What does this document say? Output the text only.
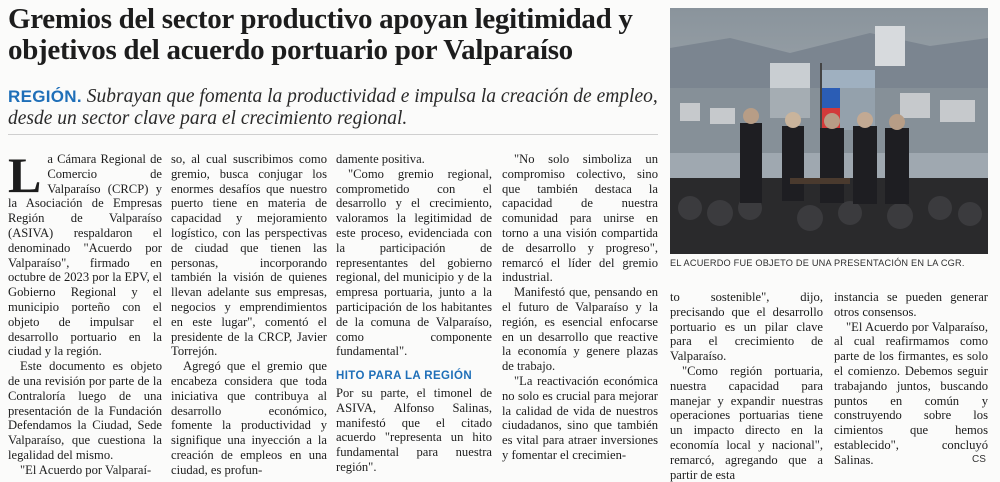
Gremios del sector productivo apoyan legitimidad y objetivos del acuerdo portuario por Valparaíso
REGIÓN. Subrayan que fomenta la productividad e impulsa la creación de empleo, desde un sector clave para el crecimiento regional.
EL ACUERDO FUE OBJETO DE UNA PRESENTACIÓN EN LA CGR.

La Cámara Regional de Comercio de Valparaíso (CRCP) y la Asociación de Empresas Región de Valparaíso (ASIVA) respaldaron el denominado "Acuerdo por Valparaíso", firmado en octubre de 2023 por la EPV, el Gobierno Regional y el municipio porteño con el objeto de impulsar el desarrollo portuario en la ciudad y la región.

Este documento es objeto de una revisión por parte de la Contraloría luego de una presentación de la Fundación Defendamos la Ciudad, Sede Valparaíso, que cuestiona la legalidad del mismo.

"El Acuerdo por Valparaí-

so, al cual suscribimos como gremio, busca conjugar los enormes desafíos que nuestro puerto tiene en materia de capacidad y mejoramiento logístico, con las perspectivas de ciudad que tienen las personas, incorporando también la visión de quienes llevan adelante sus empresas, negocios y emprendimientos en este lugar", comentó el presidente de la CRCP, Javier Torrejón.

Agregó que el gremio que encabeza considera que toda iniciativa que contribuya al desarrollo económico, fomente la productividad y signifique una inyección a la creación de empleos en una ciudad, es profun-

damente positiva.

"Como gremio regional, comprometido con el desarrollo y el crecimiento, valoramos la legitimidad de este proceso, evidenciada con la participación de representantes del gobierno regional, del municipio y de la empresa portuaria, junto a la participación de los habitantes de la comuna de Valparaíso, como componente fundamental".

HITO PARA LA REGIÓN

Por su parte, el timonel de ASIVA, Alfonso Salinas, manifestó que el citado acuerdo "representa un hito fundamental para nuestra región".

"No solo simboliza un compromiso colectivo, sino que también destaca la capacidad de nuestra comunidad para unirse en torno a una visión compartida de desarrollo y progreso", remarcó el líder del gremio industrial.

Manifestó que, pensando en el futuro de Valparaíso y la región, es esencial enfocarse en un desarrollo que reactive la economía y genere plazas de trabajo.

"La reactivación económica no solo es crucial para mejorar la calidad de vida de nuestros ciudadanos, sino que también es vital para atraer inversiones y fomentar el crecimien-

to sostenible", dijo, precisando que el desarrollo portuario es un pilar clave para el crecimiento de Valparaíso.

"Como región portuaria, nuestra capacidad para manejar y expandir nuestras operaciones portuarias tiene un impacto directo en la economía local y nacional", remarcó, agregando que a partir de esta

instancia se pueden generar otros consensos.

"El Acuerdo por Valparaíso, al cual reafirmamos como parte de los firmantes, es solo el comienzo. Debemos seguir trabajando juntos, buscando puntos en común y construyendo sobre los cimientos que hemos establecido", concluyó Salinas.	CS
